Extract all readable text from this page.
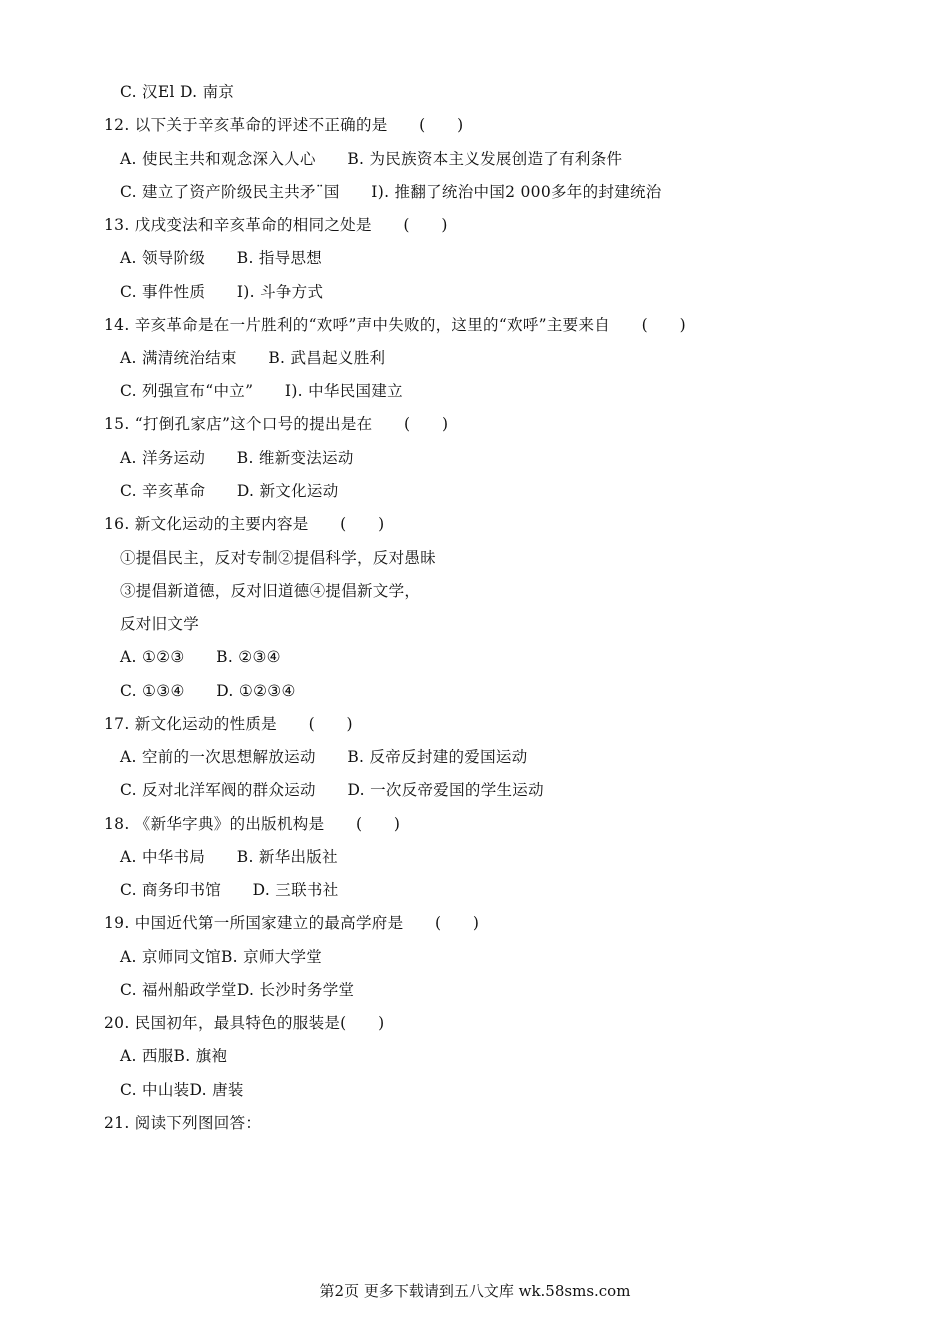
C. 汉El D. 南京
12. 以下关于辛亥革命的评述不正确的是　　(　　)
A. 使民主共和观念深入人心　　B. 为民族资本主义发展创造了有利条件
C. 建立了资产阶级民主共矛¨国　　I). 推翻了统治中国2 000多年的封建统治
13. 戊戌变法和辛亥革命的相同之处是　　(　　)
A. 领导阶级　　B. 指导思想
C. 事件性质　　I). 斗争方式
14. 辛亥革命是在一片胜利的“欢呼”声中失败的，这里的“欢呼”主要来自　　(　　)
A. 满清统治结束　　B. 武昌起义胜利
C. 列强宣布“中立”　　I). 中华民国建立
15. “打倒孔家店”这个口号的提出是在　　(　　)
A. 洋务运动　　B. 维新变法运动
C. 辛亥革命　　D. 新文化运动
16. 新文化运动的主要内容是　　(　　)
①提倡民主，反对专制②提倡科学，反对愚昧
③提倡新道德，反对旧道德④提倡新文学，
反对旧文学
A. ①②③　　B. ②③④
C. ①③④　　D. ①②③④
17. 新文化运动的性质是　　(　　)
A. 空前的一次思想解放运动　　B. 反帝反封建的爱国运动
C. 反对北洋军阀的群众运动　　D. 一次反帝爱国的学生运动
18. 《新华字典》的出版机构是　　(　　)
A. 中华书局　　B. 新华出版社
C. 商务印书馆　　D. 三联书社
19. 中国近代第一所国家建立的最高学府是　　(　　)
A. 京师同文馆B. 京师大学堂
C. 福州船政学堂D. 长沙时务学堂
20. 民国初年，最具特色的服装是(　　)
A. 西服B. 旗袍
C. 中山装D. 唐装
21. 阅读下列图回答：
第2页 更多下载请到五八文库 wk.58sms.com
